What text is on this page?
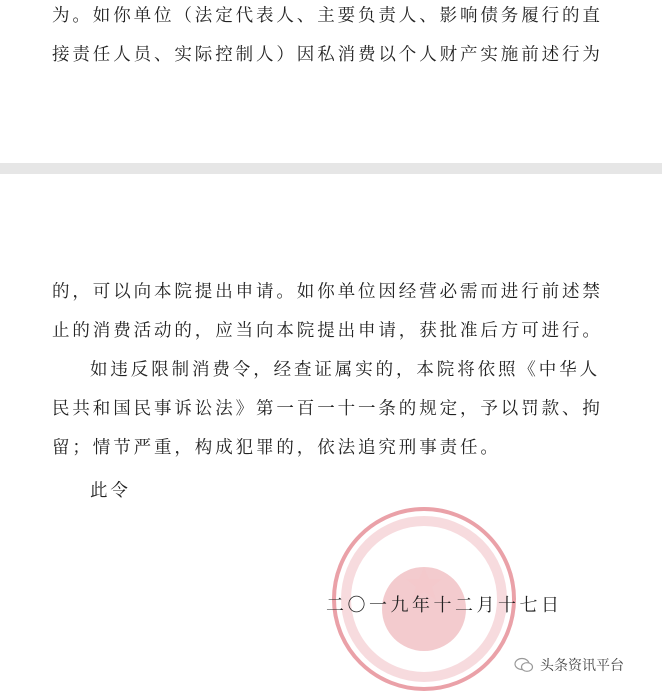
为。如你单位（法定代表人、主要负责人、影响债务履行的直
接责任人员、实际控制人）因私消费以个人财产实施前述行为
的，可以向本院提出申请。如你单位因经营必需而进行前述禁
止的消费活动的，应当向本院提出申请，获批准后方可进行。
如违反限制消费令，经查证属实的，本院将依照《中华人
民共和国民事诉讼法》第一百一十一条的规定，予以罚款、拘
留；情节严重，构成犯罪的，依法追究刑事责任。
此令
二〇一九年十二月十七日
头条资讯平台
